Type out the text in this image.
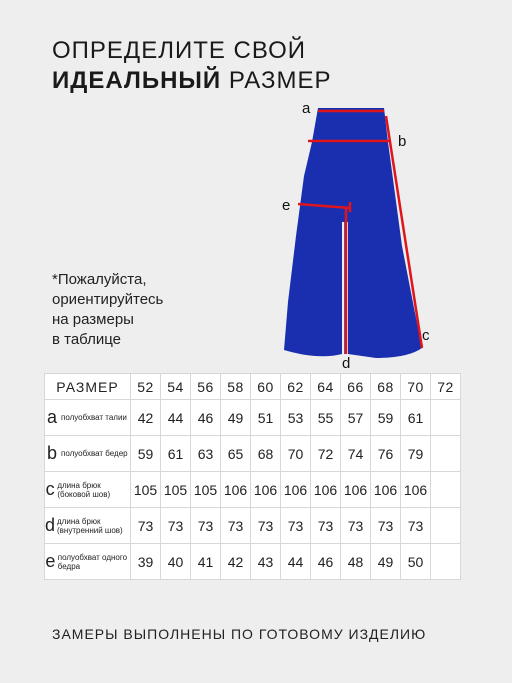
ОПРЕДЕЛИТЕ СВОЙ
ИДЕАЛЬНЫЙ РАЗМЕР
*Пожалуйста,
ориентируйтесь
на размеры
в таблице
a
b
c
d
e
РАЗМЕР	52	54	56	58	60	62	64	66	68	70	72

a полуобхват талии	42	44	46	49	51	53	55	57	59	61	

b полуобхват бедер	59	61	63	65	68	70	72	74	76	79	

c длина брюк (боковой шов)	105	105	105	106	106	106	106	106	106	106	

d длина брюк (внутренний шов)	73	73	73	73	73	73	73	73	73	73	

e полуобхват одного бедра	39	40	41	42	43	44	46	48	49	50	
ЗАМЕРЫ ВЫПОЛНЕНЫ ПО ГОТОВОМУ ИЗДЕЛИЮ
